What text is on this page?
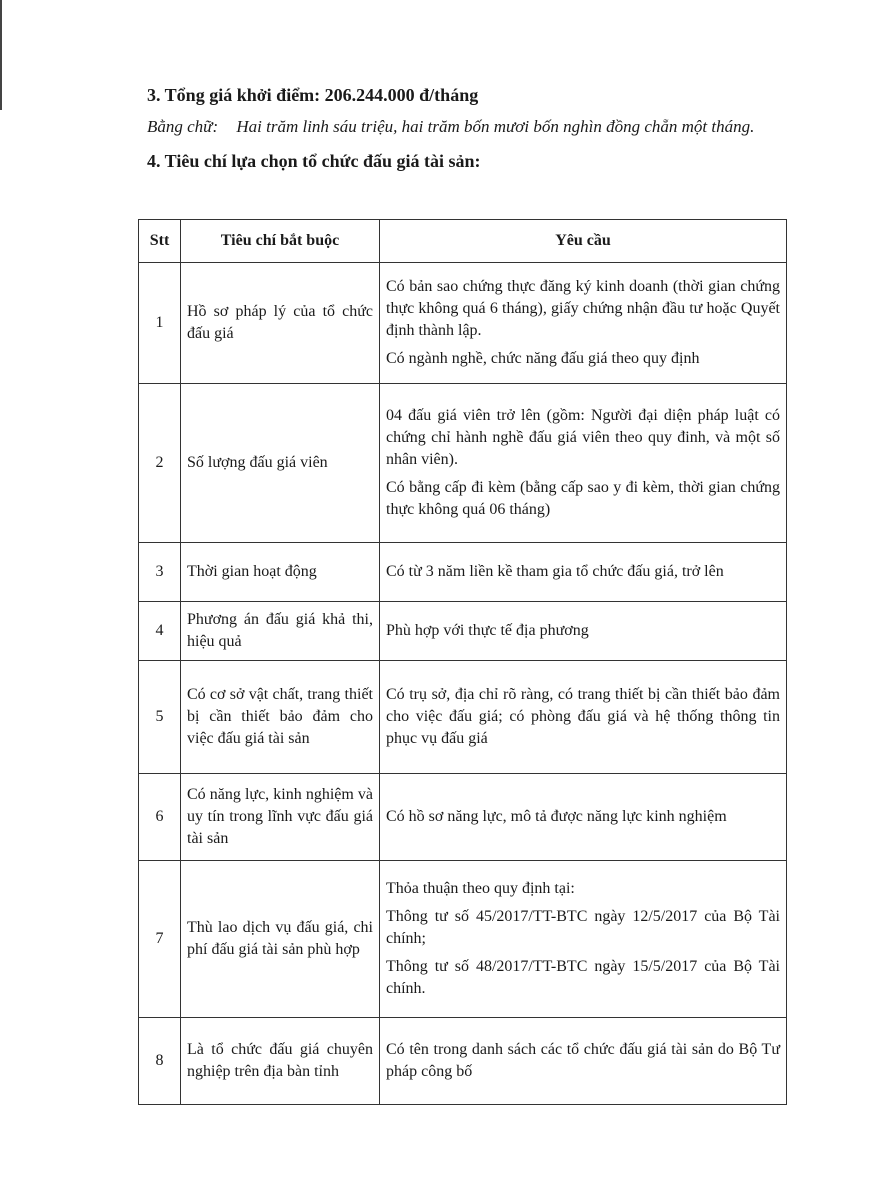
3. Tổng giá khởi điểm: 206.244.000 đ/tháng

Bằng chữ: Hai trăm linh sáu triệu, hai trăm bốn mươi bốn nghìn đồng chẵn một tháng.

4. Tiêu chí lựa chọn tổ chức đấu giá tài sản:

Stt	Tiêu chí bắt buộc	Yêu cầu
1	Hồ sơ pháp lý của tổ chức đấu giá	Có bản sao chứng thực đăng ký kinh doanh (thời gian chứng thực không quá 6 tháng), giấy chứng nhận đầu tư hoặc Quyết định thành lập.

Có ngành nghề, chức năng đấu giá theo quy định

2	Số lượng đấu giá viên	04 đấu giá viên trở lên (gồm: Người đại diện pháp luật có chứng chỉ hành nghề đấu giá viên theo quy đinh, và một số nhân viên).

Có bằng cấp đi kèm (bằng cấp sao y đi kèm, thời gian chứng thực không quá 06 tháng)

3	Thời gian hoạt động	Có từ 3 năm liền kề tham gia tổ chức đấu giá, trở lên

4	Phương án đấu giá khả thi, hiệu quả	Phù hợp với thực tế địa phương

5	Có cơ sở vật chất, trang thiết bị cần thiết bảo đảm cho việc đấu giá tài sản	Có trụ sở, địa chỉ rõ ràng, có trang thiết bị cần thiết bảo đảm cho việc đấu giá; có phòng đấu giá và hệ thống thông tin phục vụ đấu giá

6	Có năng lực, kinh nghiệm và uy tín trong lĩnh vực đấu giá tài sản	Có hồ sơ năng lực, mô tả được năng lực kinh nghiệm

7	Thù lao dịch vụ đấu giá, chi phí đấu giá tài sản phù hợp	Thỏa thuận theo quy định tại:

Thông tư số 45/2017/TT-BTC ngày 12/5/2017 của Bộ Tài chính;

Thông tư số 48/2017/TT-BTC ngày 15/5/2017 của Bộ Tài chính.

8	Là tổ chức đấu giá chuyên nghiệp trên địa bàn tỉnh	Có tên trong danh sách các tổ chức đấu giá tài sản do Bộ Tư pháp công bố
